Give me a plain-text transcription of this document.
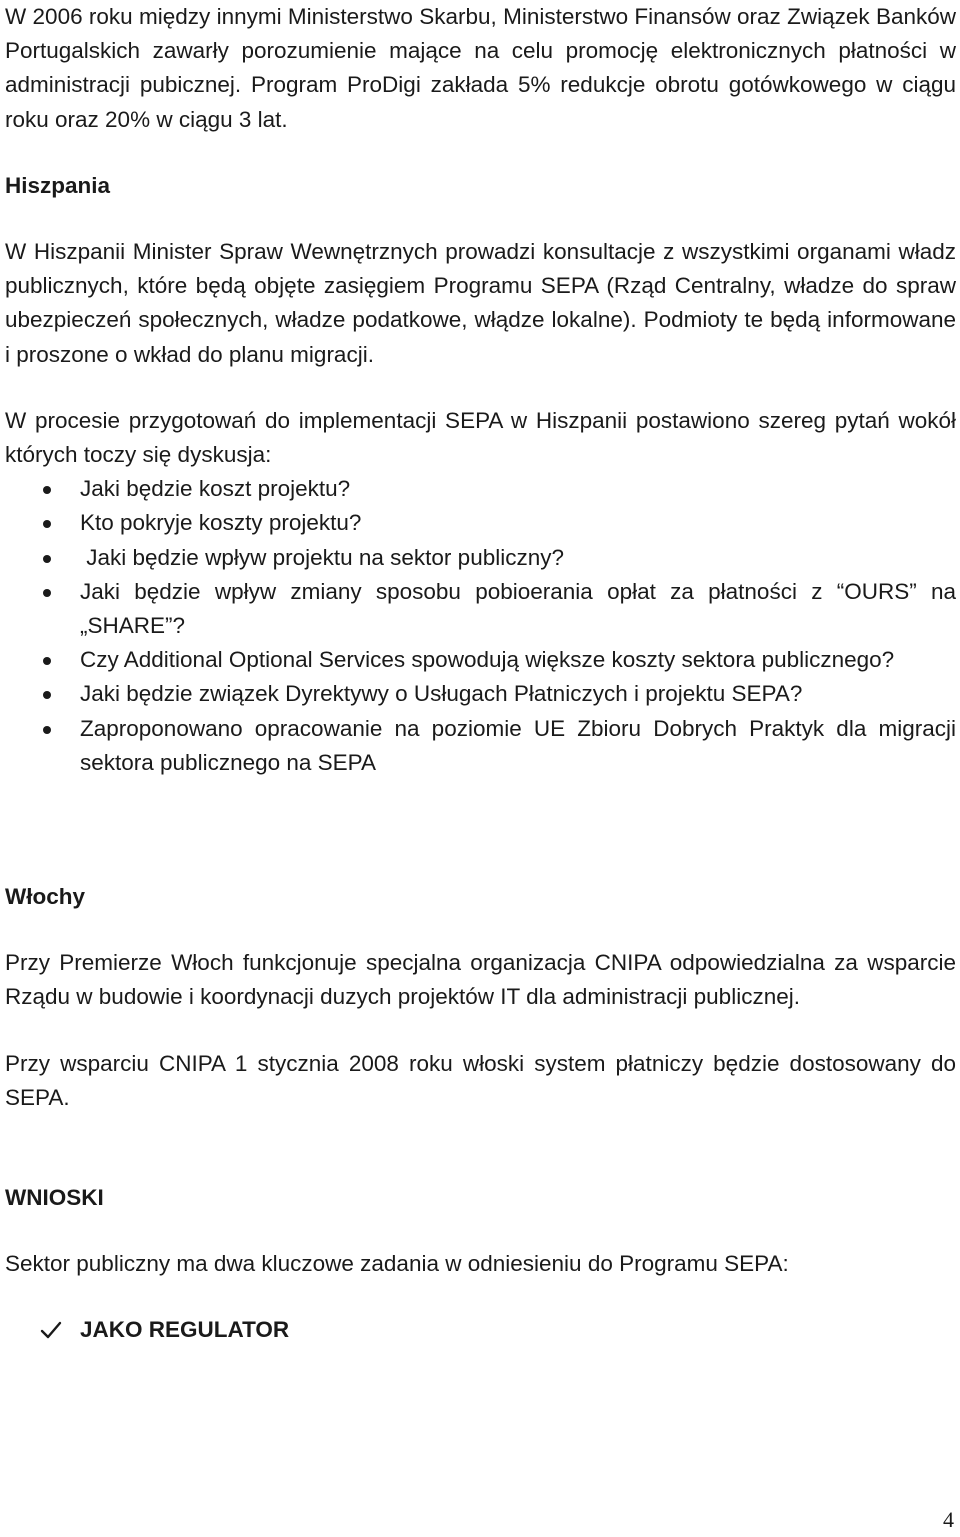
W 2006 roku między innymi Ministerstwo Skarbu, Ministerstwo Finansów oraz Związek Banków Portugalskich zawarły porozumienie mające na celu promocję elektronicznych płatności w administracji pubicznej. Program ProDigi zakłada 5% redukcje obrotu gotówkowego w ciągu roku oraz 20% w ciągu 3 lat.

Hiszpania

W Hiszpanii Minister Spraw Wewnętrznych prowadzi konsultacje z wszystkimi organami władz publicznych, które będą objęte zasięgiem Programu SEPA (Rząd Centralny, władze do spraw ubezpieczeń społecznych, władze podatkowe, włądze lokalne). Podmioty te będą informowane i proszone o wkład do planu migracji.

W procesie przygotowań do implementacji SEPA w Hiszpanii postawiono szereg pytań wokół których toczy się dyskusja:

Jaki będzie koszt projektu?
Kto pokryje koszty projektu?
Jaki będzie wpływ projektu na sektor publiczny?
Jaki będzie wpływ zmiany sposobu pobioerania opłat za płatności z “OURS” na „SHARE”?
Czy Additional Optional Services spowodują większe koszty sektora publicznego?
Jaki będzie związek Dyrektywy o Usługach Płatniczych i projektu SEPA?
Zaproponowano opracowanie na poziomie UE Zbioru Dobrych Praktyk dla migracji sektora publicznego na SEPA

Włochy

Przy Premierze Włoch funkcjonuje specjalna organizacja CNIPA odpowiedzialna za wsparcie Rządu w budowie i koordynacji duzych projektów IT dla administracji publicznej.

Przy wsparciu CNIPA 1 stycznia 2008 roku włoski system płatniczy będzie dostosowany do SEPA.

WNIOSKI

Sektor publiczny ma dwa kluczowe zadania w odniesieniu do Programu SEPA:

JAKO REGULATOR
4
